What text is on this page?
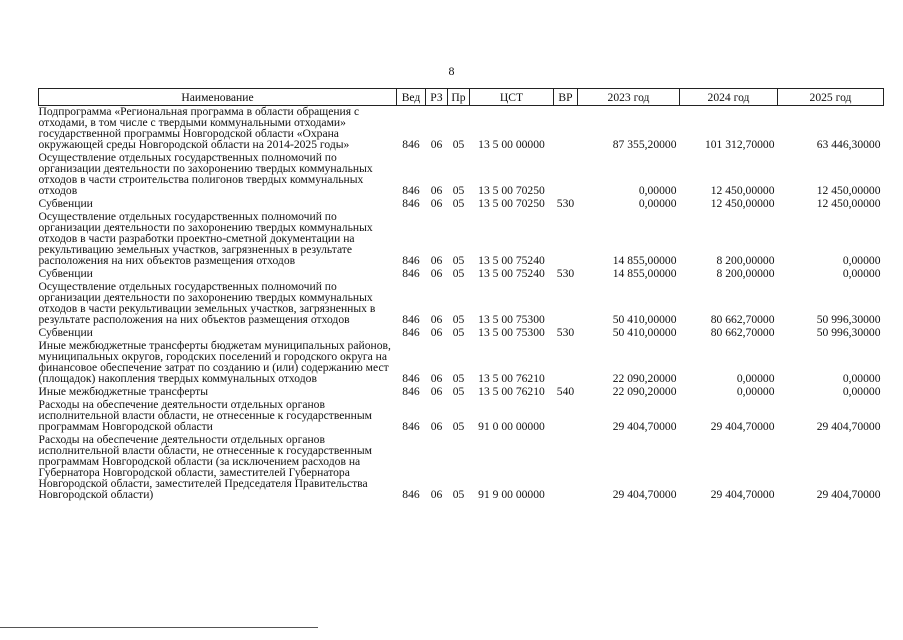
8
Наименование	Вед	РЗ	Пр	ЦСТ	ВР	2023 год	2024 год	2025 год
Подпрограмма «Региональная программа в области обращения с отходами, в том числе с твердыми коммунальными отходами» государственной программы Новгородской области «Охрана окружающей среды Новгородской области на 2014-2025 годы»	846	06	05	13 5 00 00000		87 355,20000	101 312,70000	63 446,30000
Осуществление отдельных государственных полномочий по организации деятельности по захоронению твердых коммунальных отходов в части строительства полигонов твердых коммунальных отходов	846	06	05	13 5 00 70250		0,00000	12 450,00000	12 450,00000
Субвенции	846	06	05	13 5 00 70250	530	0,00000	12 450,00000	12 450,00000
Осуществление отдельных государственных полномочий по организации деятельности по захоронению твердых коммунальных отходов в части разработки проектно-сметной документации на рекультивацию земельных участков, загрязненных в результате расположения на них объектов размещения отходов	846	06	05	13 5 00 75240		14 855,00000	8 200,00000	0,00000
Субвенции	846	06	05	13 5 00 75240	530	14 855,00000	8 200,00000	0,00000
Осуществление отдельных государственных полномочий по организации деятельности по захоронению твердых коммунальных отходов в части рекультивации земельных участков, загрязненных в результате расположения на них объектов размещения отходов	846	06	05	13 5 00 75300		50 410,00000	80 662,70000	50 996,30000
Субвенции	846	06	05	13 5 00 75300	530	50 410,00000	80 662,70000	50 996,30000
Иные межбюджетные трансферты бюджетам муниципальных районов, муниципальных округов, городских поселений и городского округа на финансовое обеспечение затрат по созданию и (или) содержанию мест (площадок) накопления твердых коммунальных отходов	846	06	05	13 5 00 76210		22 090,20000	0,00000	0,00000
Иные межбюджетные трансферты	846	06	05	13 5 00 76210	540	22 090,20000	0,00000	0,00000
Расходы на обеспечение деятельности отдельных органов исполнительной власти области, не отнесенные к государственным программам Новгородской области	846	06	05	91 0 00 00000		29 404,70000	29 404,70000	29 404,70000
Расходы на обеспечение деятельности отдельных органов исполнительной власти области, не отнесенные к государственным программам Новгородской области (за исключением расходов на Губернатора Новгородской области, заместителей Губернатора Новгородской области, заместителей Председателя Правительства Новгородской области)	846	06	05	91 9 00 00000		29 404,70000	29 404,70000	29 404,70000
